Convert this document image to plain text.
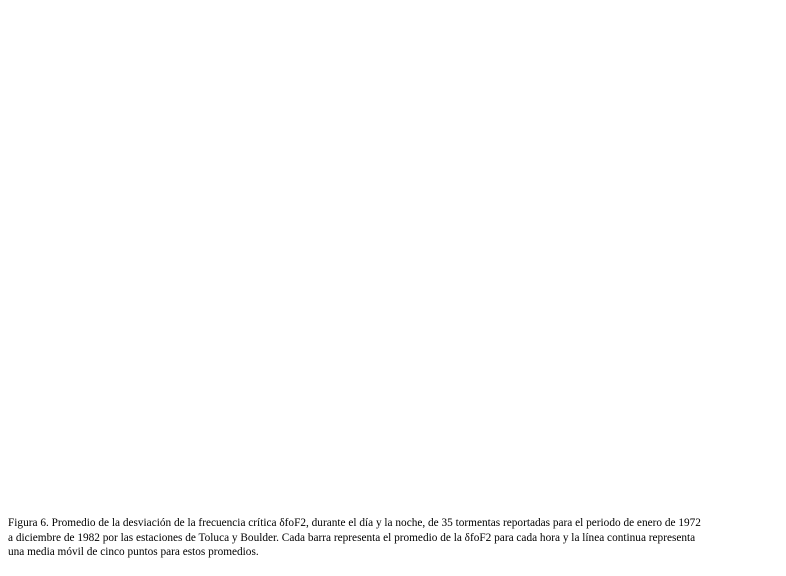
Figura 6. Promedio de la desviación de la frecuencia crítica δfoF2, durante el día y la noche, de 35 tormentas reportadas para el periodo de enero de 1972
a diciembre de 1982 por las estaciones de Toluca y Boulder. Cada barra representa el promedio de la δfoF2 para cada hora y la línea continua representa
una media móvil de cinco puntos para estos promedios.
